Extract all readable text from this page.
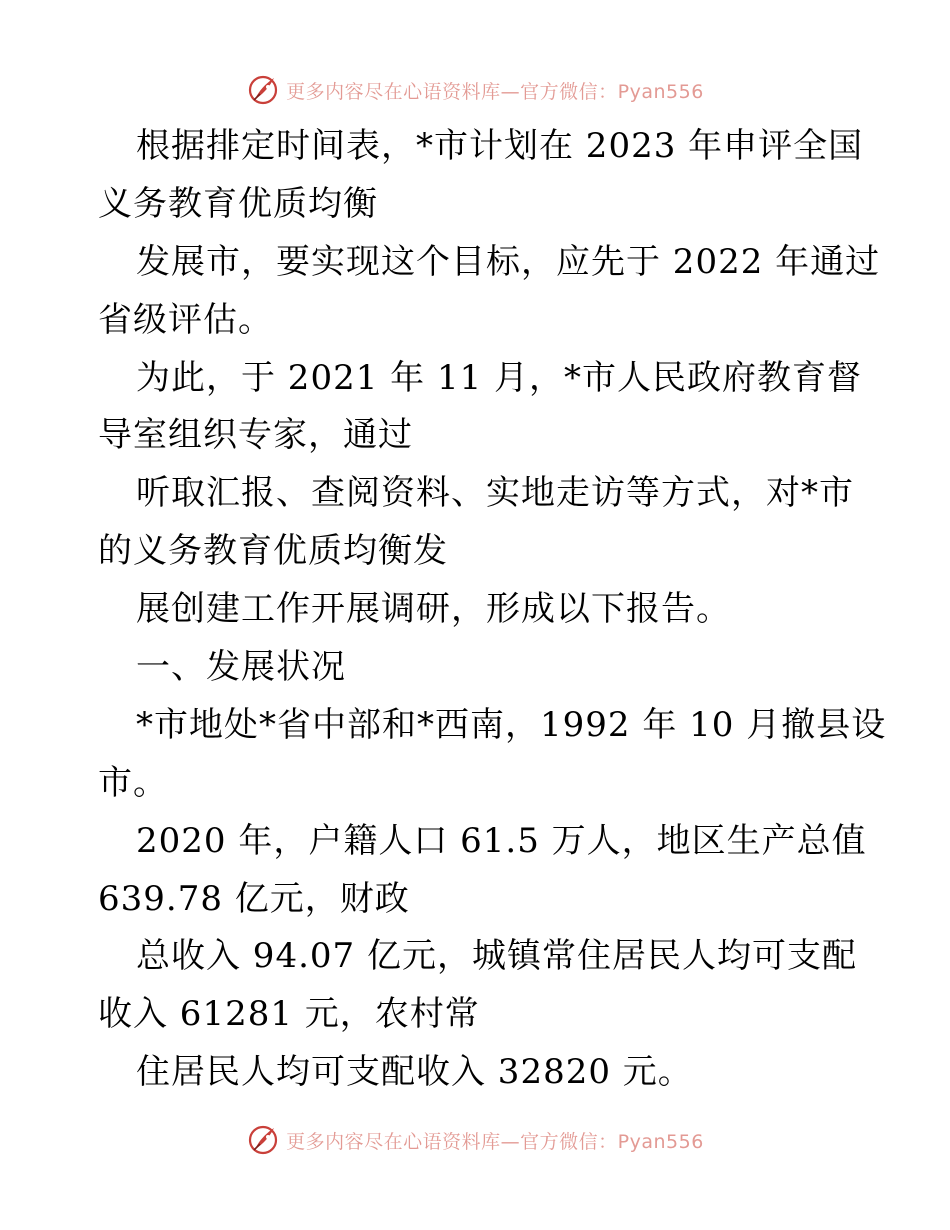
更多内容尽在心语资料库—官方微信：Pyan556
根据排定时间表，*市计划在 2023 年申评全国
义务教育优质均衡
发展市，要实现这个目标，应先于 2022 年通过
省级评估。
为此，于 2021 年 11 月，*市人民政府教育督
导室组织专家，通过
听取汇报、查阅资料、实地走访等方式，对*市
的义务教育优质均衡发
展创建工作开展调研，形成以下报告。
一、发展状况
*市地处*省中部和*西南，1992 年 10 月撤县设
市。
2020 年，户籍人口 61.5 万人，地区生产总值
639.78 亿元，财政
总收入 94.07 亿元，城镇常住居民人均可支配
收入 61281 元，农村常
住居民人均可支配收入 32820 元。
更多内容尽在心语资料库—官方微信：Pyan556
